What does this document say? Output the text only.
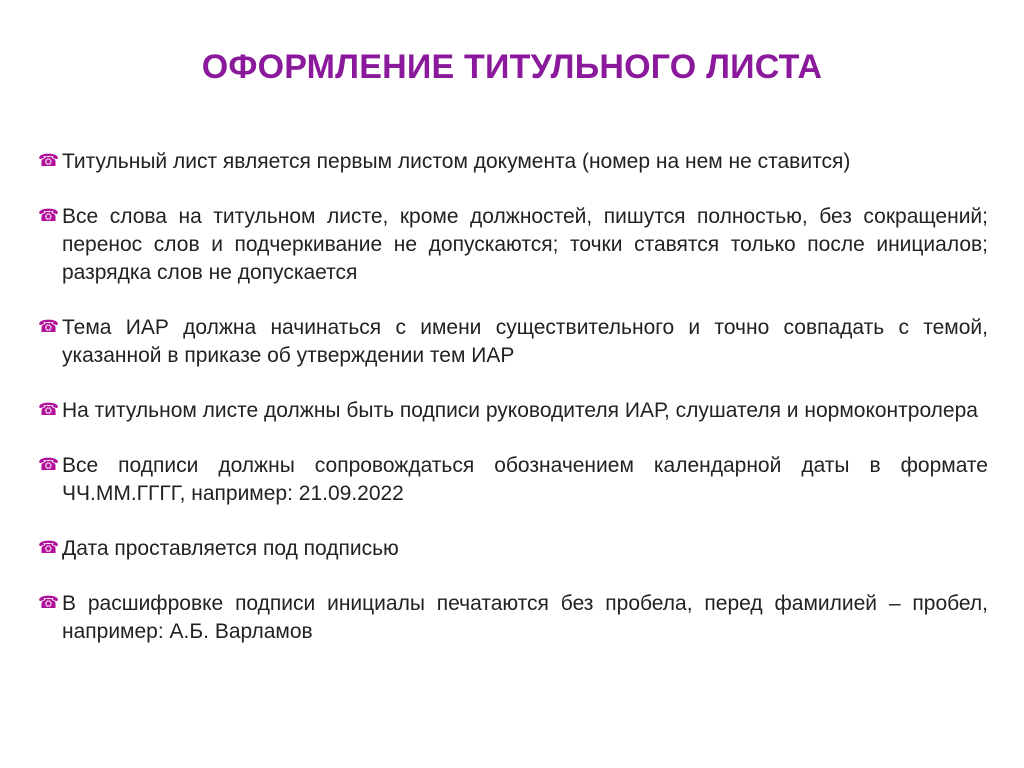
ОФОРМЛЕНИЕ ТИТУЛЬНОГО ЛИСТА
☎ Титульный лист является первым листом документа (номер на нем не ставится)
☎ Все слова на титульном листе, кроме должностей, пишутся полностью, без сокращений; перенос слов и подчеркивание не допускаются; точки ставятся только после инициалов; разрядка слов не допускается
☎ Тема ИАР должна начинаться с имени существительного и точно совпадать с темой, указанной в приказе об утверждении тем ИАР
☎ На титульном листе должны быть подписи руководителя ИАР, слушателя и нормоконтролера
☎ Все подписи должны сопровождаться обозначением календарной даты в формате ЧЧ.ММ.ГГГГ, например: 21.09.2022
☎ Дата проставляется под подписью
☎ В расшифровке подписи инициалы печатаются без пробела, перед фамилией – пробел, например: А.Б. Варламов
